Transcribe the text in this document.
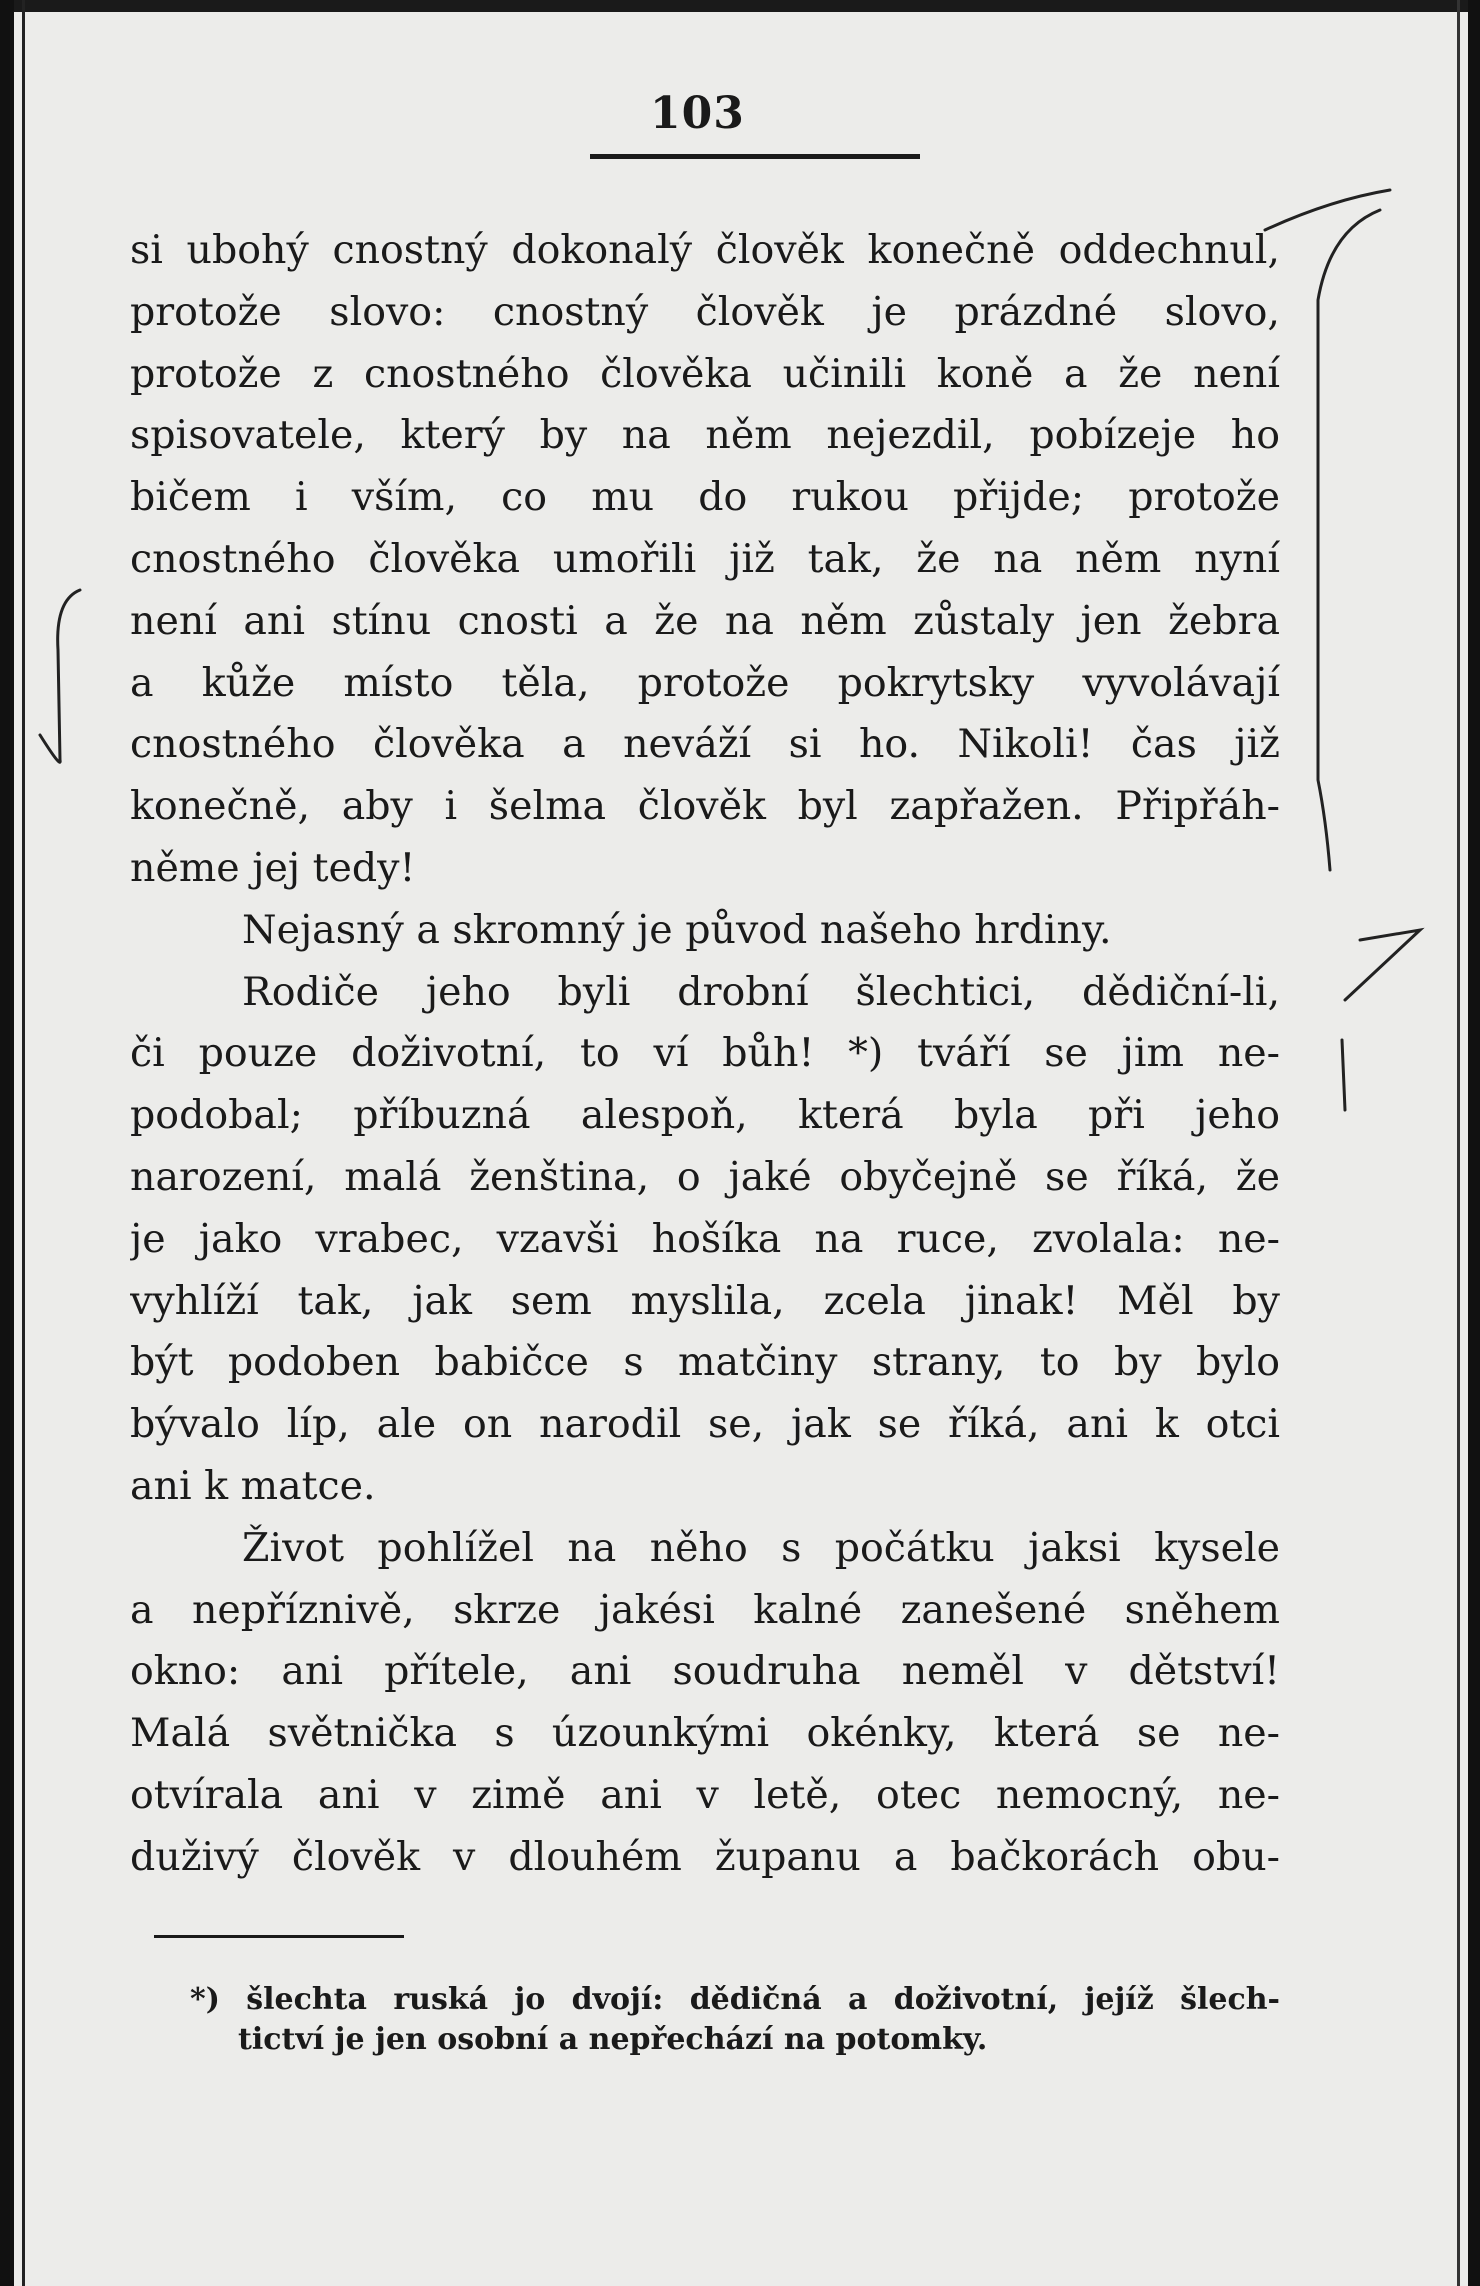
103
si ubohý cnostný dokonalý člověk konečně oddechnul,
protože slovo: cnostný člověk je prázdné slovo,
protože z cnostného člověka učinili koně a že není
spisovatele, který by na něm nejezdil, pobízeje ho
bičem i vším, co mu do rukou přijde; protože
cnostného člověka umořili již tak, že na něm nyní
není ani stínu cnosti a že na něm zůstaly jen žebra
a kůže místo těla, protože pokrytsky vyvolávají
cnostného člověka a neváží si ho. Nikoli! čas již
konečně, aby i šelma člověk byl zapřažen. Připřáh-
něme jej tedy!
Nejasný a skromný je původ našeho hrdiny.
Rodiče jeho byli drobní šlechtici, dědiční-li,
či pouze doživotní, to ví bůh! *) tváří se jim ne-
podobal; příbuzná alespoň, která byla při jeho
narození, malá ženština, o jaké obyčejně se říká, že
je jako vrabec, vzavši hošíka na ruce, zvolala: ne-
vyhlíží tak, jak sem myslila, zcela jinak! Měl by
být podoben babičce s matčiny strany, to by bylo
bývalo líp, ale on narodil se, jak se říká, ani k otci
ani k matce.
Život pohlížel na něho s počátku jaksi kysele
a nepříznivě, skrze jakési kalné zanešené sněhem
okno: ani přítele, ani soudruha neměl v dětství!
Malá světnička s úzounkými okénky, která se ne-
otvírala ani v zimě ani v letě, otec nemocný, ne-
duživý člověk v dlouhém županu a bačkorách obu-
*) šlechta ruská jo dvojí: dědičná a doživotní, jejíž šlech-
tictví je jen osobní a nepřechází na potomky.
